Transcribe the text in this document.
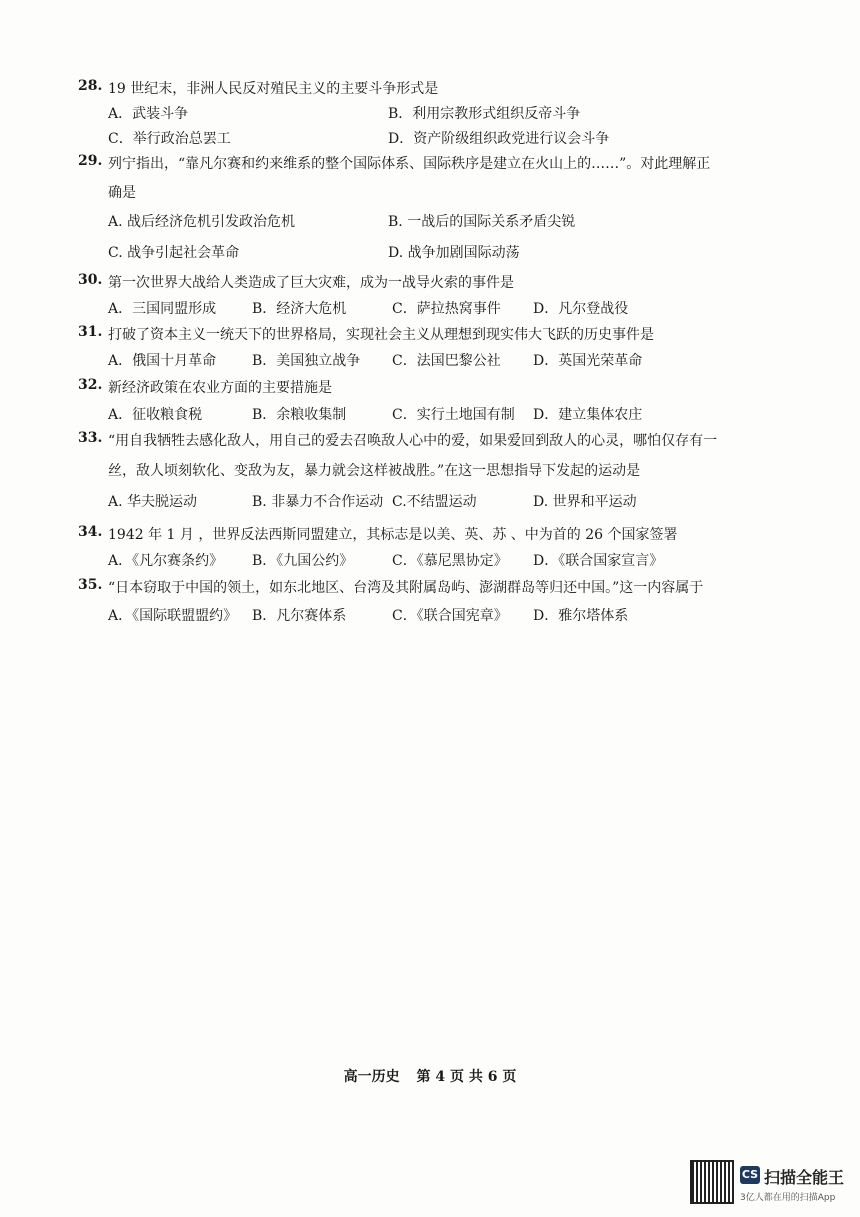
28. 19 世纪末，非洲人民反对殖民主义的主要斗争形式是
A．武装斗争	B．利用宗教形式组织反帝斗争
C．举行政治总罢工	D．资产阶级组织政党进行议会斗争
29. 列宁指出，“靠凡尔赛和约来维系的整个国际体系、国际秩序是建立在火山上的……”。对此理解正
确是
A. 战后经济危机引发政治危机	B. 一战后的国际关系矛盾尖锐
C. 战争引起社会革命	D. 战争加剧国际动荡
30. 第一次世界大战给人类造成了巨大灾难，成为一战导火索的事件是
A．三国同盟形成	B．经济大危机	C．萨拉热窝事件 D．凡尔登战役
31. 打破了资本主义一统天下的世界格局，实现社会主义从理想到现实伟大飞跃的历史事件是
A．俄国十月革命	B．美国独立战争 C．法国巴黎公社 D．英国光荣革命
32. 新经济政策在农业方面的主要措施是
A．征收粮食税	B．余粮收集制	C．实行土地国有制 D．建立集体农庄
33. “用自我牺牲去感化敌人，用自己的爱去召唤敌人心中的爱，如果爱回到敌人的心灵，哪怕仅存有一
丝，敌人顷刻软化、变敌为友，暴力就会这样被战胜。”在这一思想指导下发起的运动是
A. 华夫脱运动	B. 非暴力不合作运动 C.不结盟运动	D. 世界和平运动
34. 1942 年 1 月 ，世界反法西斯同盟建立，其标志是以美、英、苏 、中为首的 26 个国家签署
A．《凡尔赛条约》 B．《九国公约》	C．《慕尼黑协定》 D．《联合国家宣言》
35. “日本窃取于中国的领土，如东北地区、台湾及其附属岛屿、澎湖群岛等归还中国。”这一内容属于
A．《国际联盟盟约》 B．凡尔赛体系	C．《联合国宪章》 D．雅尔塔体系
高一历史 第 4 页 共 6 页
CS 扫描全能王
3亿人都在用的扫描App
